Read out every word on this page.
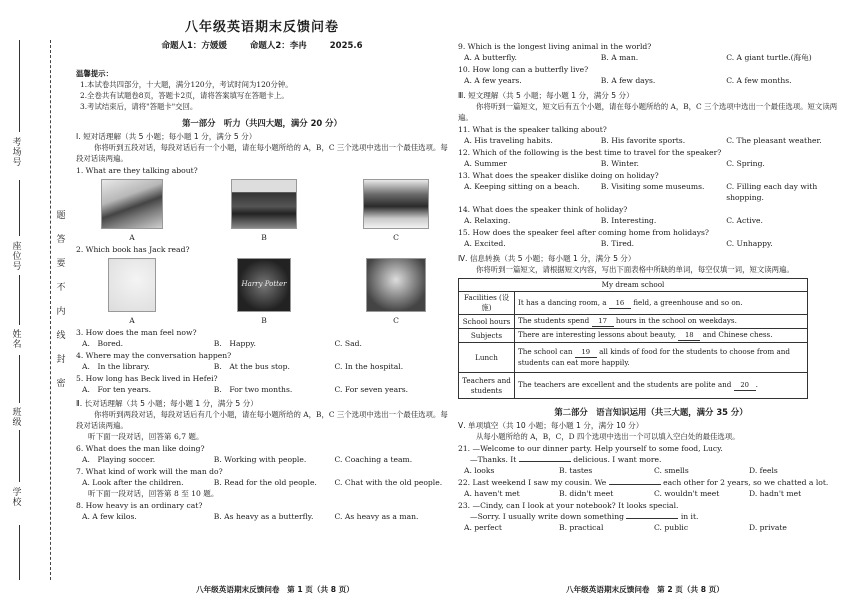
考场号
座位号
姓名
班级
学校
题
答
要
不
内
线
封
密
八年级英语期末反馈问卷
命题人1：方媛媛	命题人2：李冉	2025.6
温馨提示：
1.本试卷共四部分，十大题，满分120分，考试时间为120分钟。
2.全卷共有试题卷8页，答题卡2页，请将答案填写在答题卡上。
3.考试结束后，请将"答题卡"交回。
第一部分　听力（共四大题，满分 20 分）
Ⅰ. 短对话理解（共 5 小题；每小题 1 分，满分 5 分）
你将听到五段对话，每段对话后有一个小题，请在每小题所给的 A，B，C 三个选项中选出一个最佳选项。每段对话读两遍。
1. What are they talking about?
A	B	C
2. Which book has Jack read?
A
Harry Potter
B	C
3. How does the man feel now?
A.　Bored.	B.　Happy.	C. Sad.
4. Where may the conversation happen?
A.　In the library.	B.　At the bus stop.	C. In the hospital.
5. How long has Beck lived in Hefei?
A.　For ten years.	B.　For two months.	C. For seven years.
Ⅱ. 长对话理解（共 5 小题；每小题 1 分，满分 5 分）
你将听到两段对话，每段对话后有几个小题，请在每小题所给的 A，B，C 三个选项中选出一个最佳选项。每段对话读两遍。
听下面一段对话，回答第 6,7 题。
6. What does the man like doing?
A.　Playing soccer.	B. Working with people.	C. Coaching a team.
7. What kind of work will the man do?
A. Look after the children.	B. Read for the old people.	C. Chat with the old people.
听下面一段对话，回答第 8 至 10 题。
8. How heavy is an ordinary cat?
A. A few kilos.	B. As heavy as a butterfly.	C. As heavy as a man.
八年级英语期末反馈问卷　第 1 页（共 8 页）
9. Which is the longest living animal in the world?
A. A butterfly.	B. A man.	C. A giant turtle.(海龟)
10. How long can a butterfly live?
A. A few years.	B. A few days.	C. A few months.
Ⅲ. 短文理解（共 5 小题；每小题 1 分，满分 5 分）
你将听到一篇短文，短文后有五个小题，请在每小题所给的 A，B，C 三个选项中选出一个最佳选项。短文读两遍。
11. What is the speaker talking about?
A. His traveling habits.	B. His favorite sports.	C. The pleasant weather.
12. Which of the following is the best time to travel for the speaker?
A. Summer	B. Winter.	C. Spring.
13. What does the speaker dislike doing on holiday?
A. Keeping sitting on a beach.	B. Visiting some museums.	C. Filling each day with shopping.
14. What does the speaker think of holiday?
A. Relaxing.	B. Interesting.	C. Active.
15. How does the speaker feel after coming home from holidays?
A. Excited.	B. Tired.	C. Unhappy.
Ⅳ. 信息转换（共 5 小题；每小题 1 分，满分 5 分）
你将听到一篇短文，请根据短文内容，写出下面表格中所缺的单词，每空仅填一词，短文读两遍。
My dream school	
Facilities (设施)	It has a dancing room, a 16 field, a greenhouse and so on.
School hours	The students spend 17 hours in the school on weekdays.
Subjects	There are interesting lessons about beauty, 18 and Chinese chess.
Lunch	The school can 19 all kinds of food for the students to choose from and students can eat more happily.
Teachers and students	The teachers are excellent and the students are polite and 20 .
第二部分　语言知识运用（共三大题，满分 35 分）
Ⅴ. 单项填空（共 10 小题；每小题 1 分，满分 10 分）
从每小题所给的 A，B，C，D 四个选项中选出一个可以填入空白处的最佳选项。
21. —Welcome to our dinner party. Help yourself to some food, Lucy.
—Thanks. It	delicious. I want more.
A. looks	B. tastes	C. smells	D. feels
22. Last weekend I saw my cousin. We	each other for 2 years, so we chatted a lot.
A. haven't met	B. didn't meet	C. wouldn't meet	D. hadn't met
23. —Cindy, can I look at your notebook? It looks special.
—Sorry. I usually write down something	in it.
A. perfect	B. practical	C. public	D. private
八年级英语期末反馈问卷　第 2 页（共 8 页）
